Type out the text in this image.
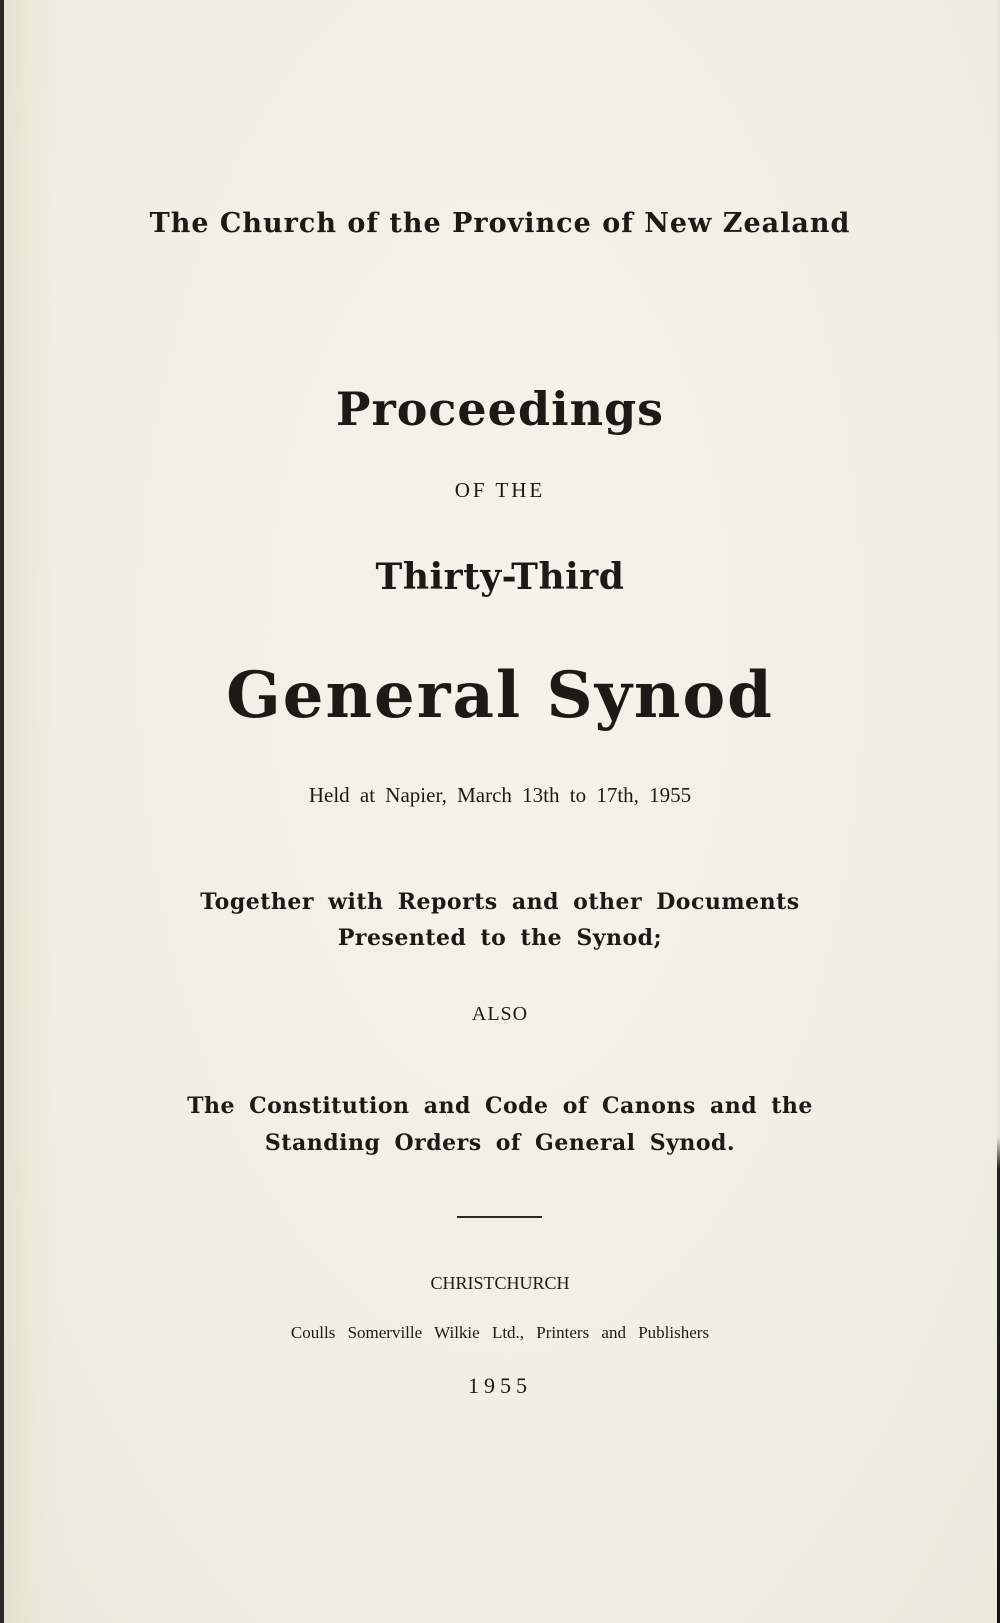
The Church of the Province of New Zealand
Proceedings
OF THE
Thirty-Third
General Synod
Held at Napier, March 13th to 17th, 1955
Together with Reports and other Documents
Presented to the Synod;
ALSO
The Constitution and Code of Canons and the
Standing Orders of General Synod.
CHRISTCHURCH
Coulls Somerville Wilkie Ltd., Printers and Publishers
1955
